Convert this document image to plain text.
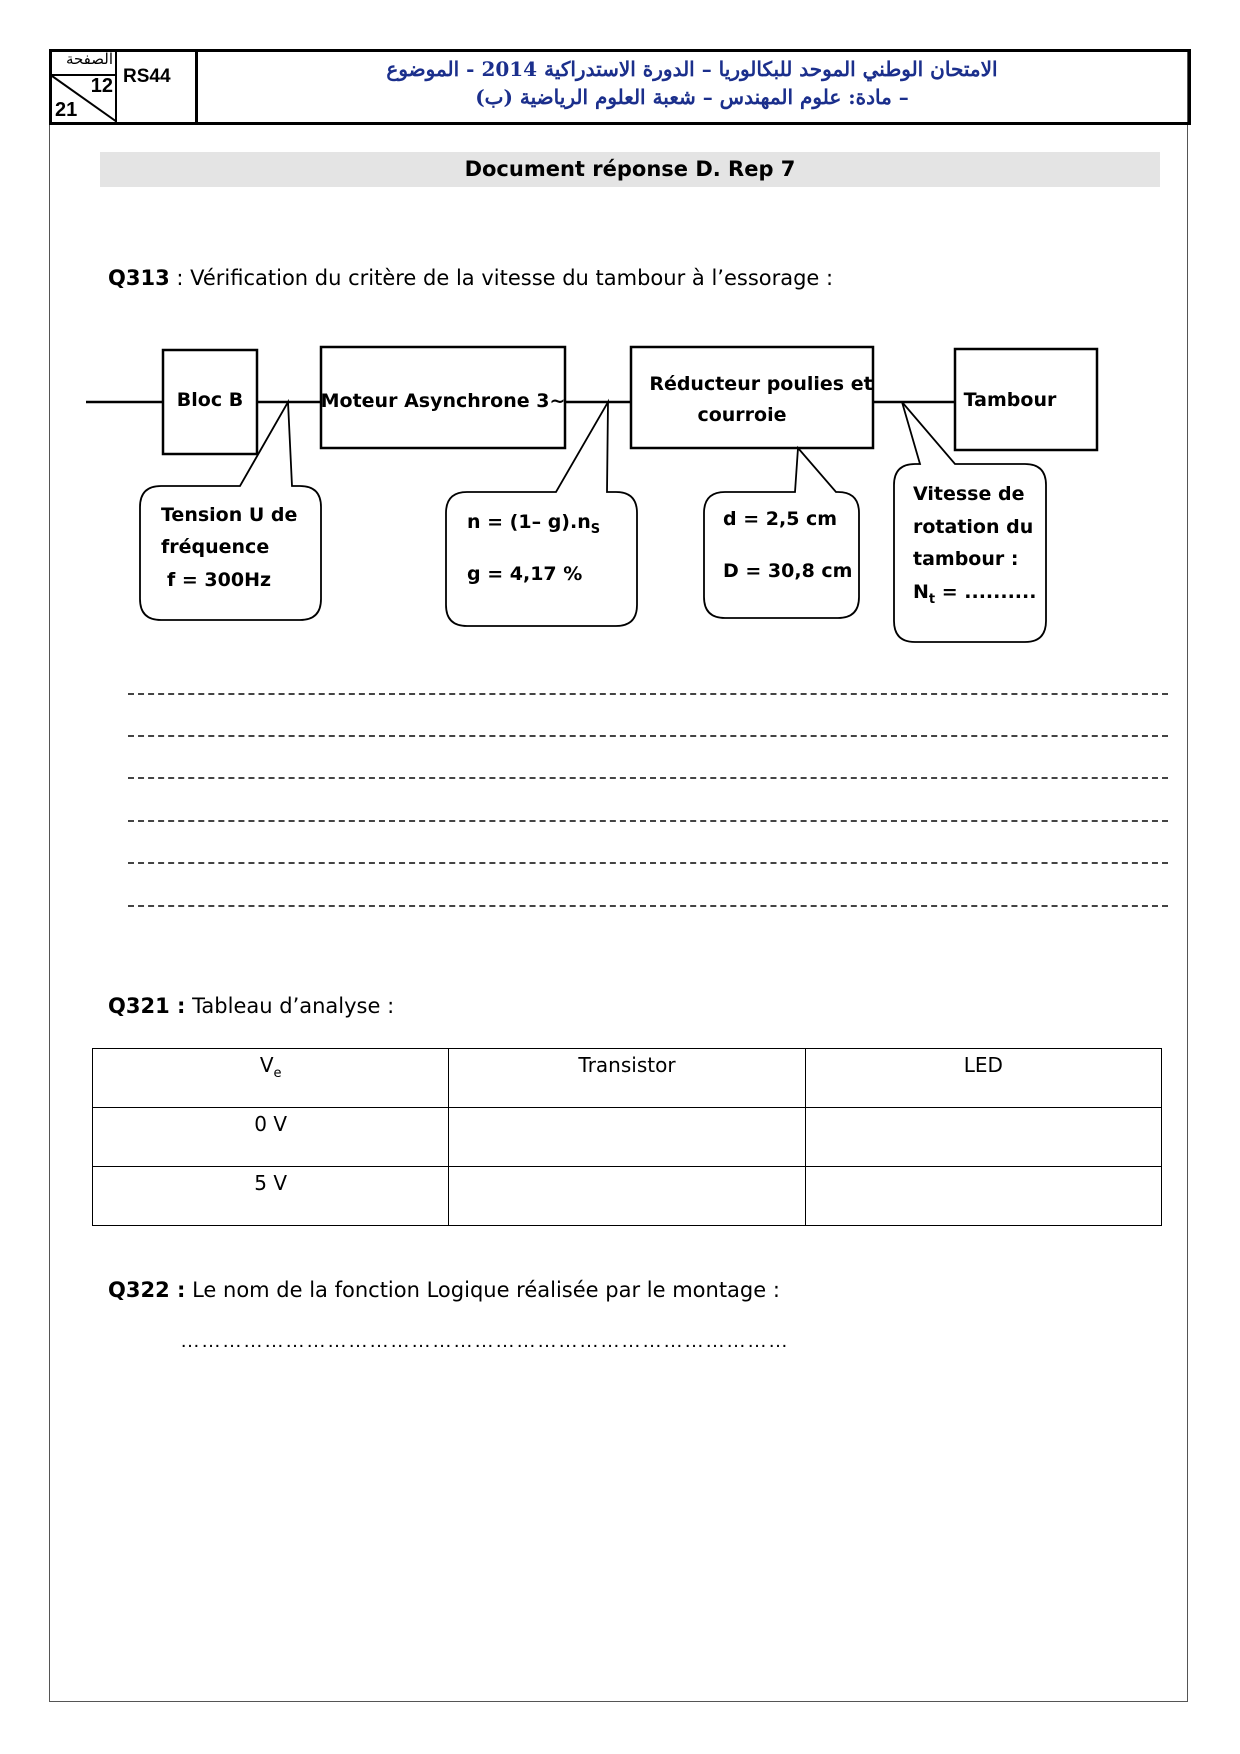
الصفحة
12
21
RS44	الامتحان الوطني الموحد للبكالوريا – الدورة الاستدراكية 2014 - الموضوع
– مادة: علوم المهندس – شعبة العلوم الرياضية (ب)
Document réponse D. Rep 7
Q313 : Vérification du critère de la vitesse du tambour à l’essorage :
Bloc B	Moteur Asynchrone 3~
Réducteur poulies et
courroie
Tambour
Tension U de
fréquence
f = 300Hz
n = (1– $g).n_S$
g = 4,17 %
d = 2,5 cm
D = 30,8 cm
Vitesse de
rotation du
tambour :
$N_t$ = ..........
Q321 : Tableau d’analyse :
$V_e$	Transistor	LED
0 V		
5 V		
Q322 : Le nom de la fonction Logique réalisée par le montage :
……………………………………………………………………………
